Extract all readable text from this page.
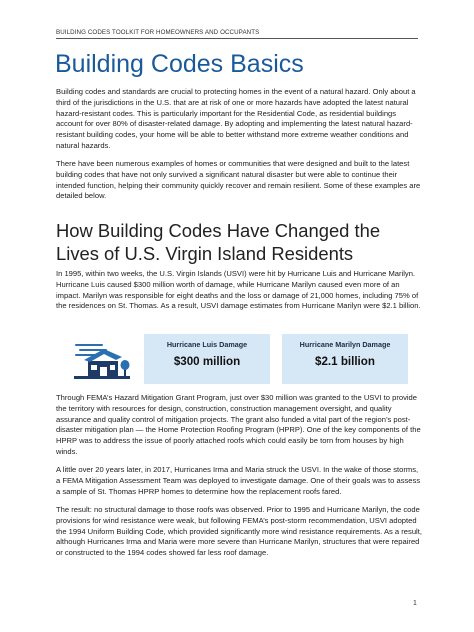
BUILDING CODES TOOLKIT FOR HOMEOWNERS AND OCCUPANTS
Building Codes Basics

Building codes and standards are crucial to protecting homes in the event of a natural hazard. Only about a third of the jurisdictions in the U.S. that are at risk of one or more hazards have adopted the latest natural hazard-resistant codes. This is particularly important for the Residential Code, as residential buildings account for over 80% of disaster-related damage. By adopting and implementing the latest natural hazard-resistant building codes, your home will be able to better withstand more extreme weather conditions and natural hazards.

There have been numerous examples of homes or communities that were designed and built to the latest building codes that have not only survived a significant natural disaster but were able to continue their intended function, helping their community quickly recover and remain resilient. Some of these examples are detailed below.

How Building Codes Have Changed the Lives of U.S. Virgin Island Residents

In 1995, within two weeks, the U.S. Virgin Islands (USVI) were hit by Hurricane Luis and Hurricane Marilyn. Hurricane Luis caused $300 million worth of damage, while Hurricane Marilyn caused even more of an impact. Marilyn was responsible for eight deaths and the loss or damage of 21,000 homes, including 75% of the residences on St. Thomas. As a result, USVI damage estimates from Hurricane Marilyn were $2.1 billion.

Hurricane Luis Damage
$300 million
Hurricane Marilyn Damage
$2.1 billion

Through FEMA’s Hazard Mitigation Grant Program, just over $30 million was granted to the USVI to provide the territory with resources for design, construction, construction management oversight, and quality assurance and quality control of mitigation projects. The grant also funded a vital part of the region’s post-disaster mitigation plan — the Home Protection Roofing Program (HPRP). One of the key components of the HPRP was to address the issue of poorly attached roofs which could easily be torn from houses by high winds.

A little over 20 years later, in 2017, Hurricanes Irma and Maria struck the USVI. In the wake of those storms, a FEMA Mitigation Assessment Team was deployed to investigate damage. One of their goals was to assess a sample of St. Thomas HPRP homes to determine how the replacement roofs fared.

The result: no structural damage to those roofs was observed. Prior to 1995 and Hurricane Marilyn, the code provisions for wind resistance were weak, but following FEMA’s post-storm recommendation, USVI adopted the 1994 Uniform Building Code, which provided significantly more wind resistance requirements. As a result, although Hurricanes Irma and Maria were more severe than Hurricane Marilyn, structures that were repaired or constructed to the 1994 codes showed far less roof damage.

1
